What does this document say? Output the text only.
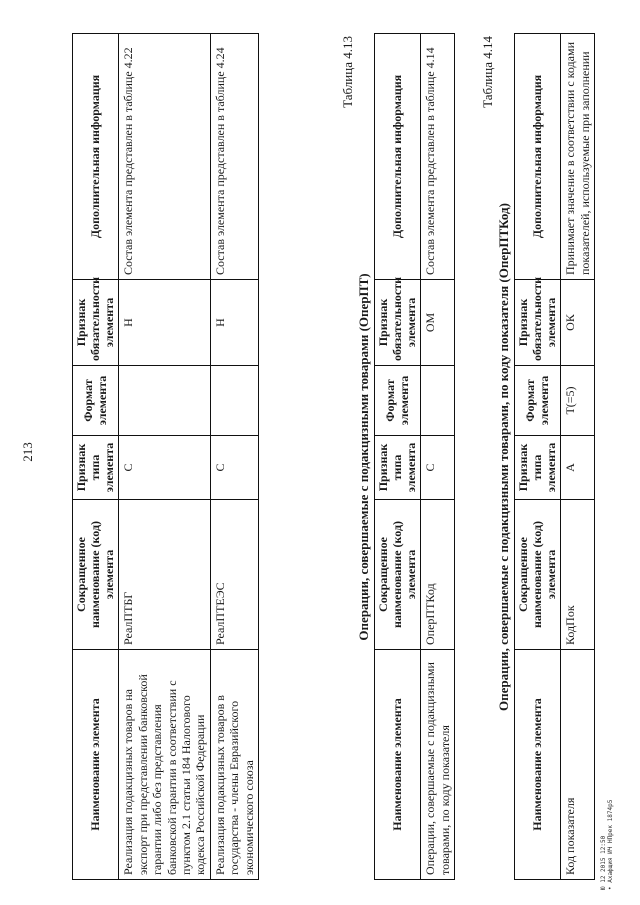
213
Наименование элемента	Сокращенное наименование (код) элемента	Признак типа элемента	Формат элемента	Признак обязательности элемента	Дополнительная информация
Реализация подакцизных товаров на экспорт при представлении банковской гарантии либо без представления банковской гарантии в соответствии с пунктом 2.1 статьи 184 Налогового кодекса Российской Федерации	РеалПТБГ	С		Н	Состав элемента представлен в таблице 4.22
Реализация подакцизных товаров в государства - члены Евразийского экономического союза	РеалПТЕЭС	С		Н	Состав элемента представлен в таблице 4.24	Таблица 4.13
Операции, совершаемые с подакцизными товарами (ОперПТ)
Наименование элемента	Сокращенное наименование (код) элемента	Признак типа элемента	Формат элемента	Признак обязательности элемента	Дополнительная информация
Операции, совершаемые с подакцизными товарами, по коду показателя	ОперПТКод	С		ОМ	Состав элемента представлен в таблице 4.14	Таблица 4.14
Операции, совершаемые с подакцизными товарами, по коду показателя (ОперПТКод)
Наименование элемента	Сокращенное наименование (код) элемента	Признак типа элемента	Формат элемента	Признак обязательности элемента	Дополнительная информация
Код показателя	КодПок	А	T(=5)	ОК	Принимает значение в соответствии с кодами показателей, используемые при заполнении
Ю 12 2015 12:50 • Ахафщия ИЧ НПрек 1874р5
